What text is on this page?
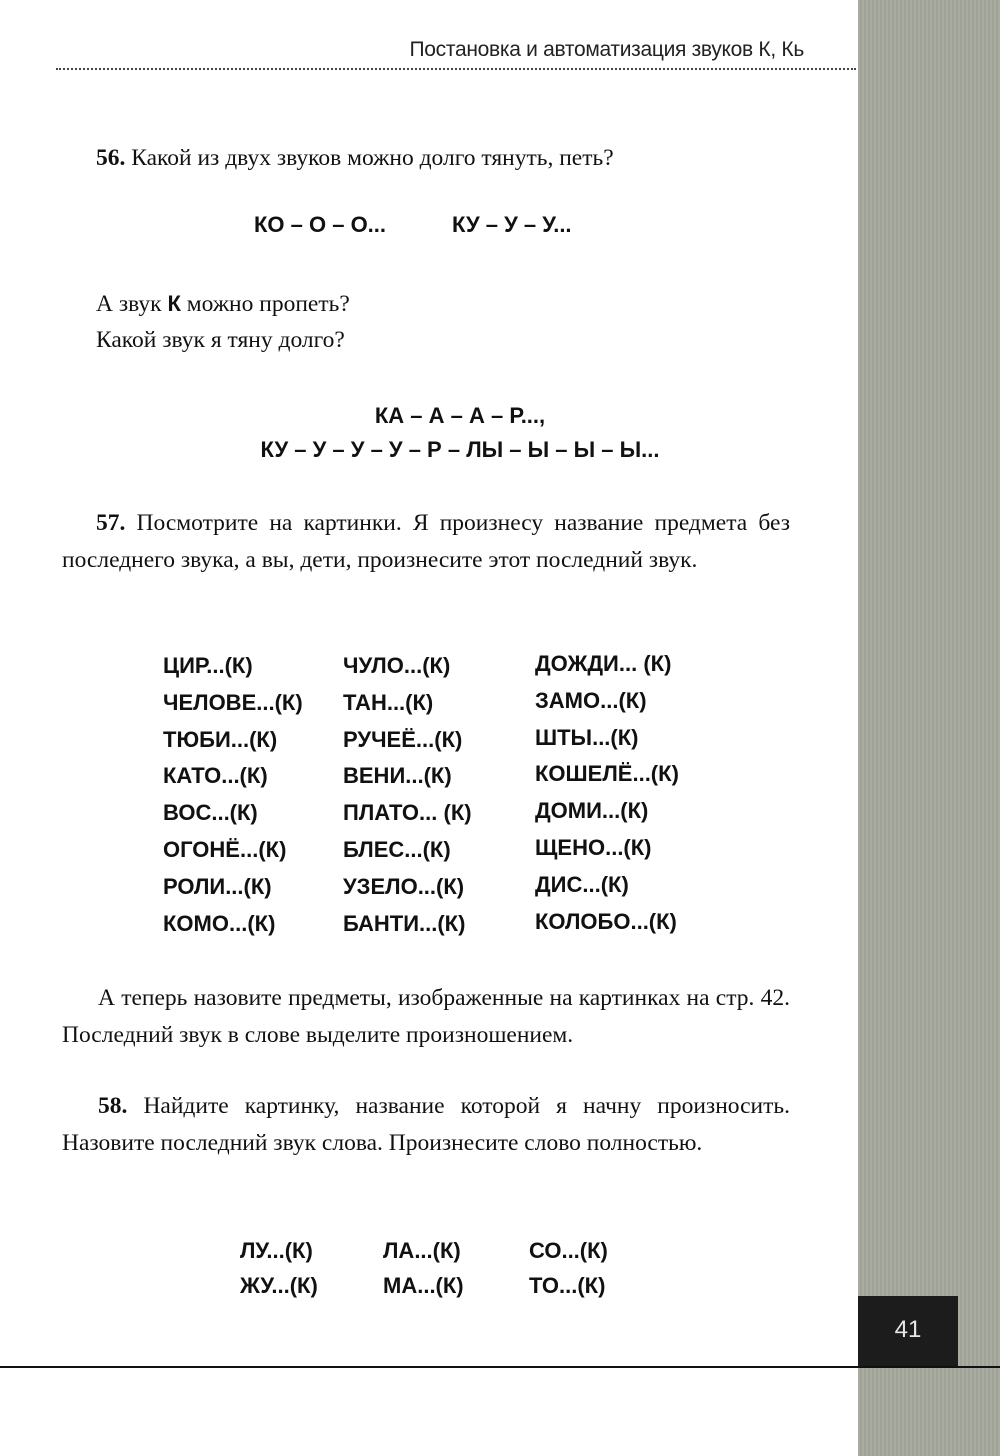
41
Постановка и автоматизация звуков К, Кь

56. Какой из двух звуков можно долго тянуть, петь?

КО – О – О...	КУ – У – У...

А звук К можно пропеть?

Какой звук я тяну долго?

КА – А – А – Р...,
КУ – У – У – У – Р – ЛЫ – Ы – Ы – Ы...

57. Посмотрите на картинки. Я произнесу название предмета без последнего звука, а вы, дети, произнесите этот последний звук.

ЦИР...(К)
ЧЕЛОВЕ...(К)
ТЮБИ...(К)
КАТО...(К)
ВОС...(К)
ОГОНЁ...(К)
РОЛИ...(К)
КОМО...(К)
ЧУЛО...(К)
ТАН...(К)
РУЧЕЁ...(К)
ВЕНИ...(К)
ПЛАТО... (К)
БЛЕС...(К)
УЗЕЛО...(К)
БАНТИ...(К)
ДОЖДИ... (К)
ЗАМО...(К)
ШТЫ...(К)
КОШЕЛЁ...(К)
ДОМИ...(К)
ЩЕНО...(К)
ДИС...(К)
КОЛОБО...(К)

А теперь назовите предметы, изображенные на картинках на стр. 42. Последний звук в слове выделите произношением.

58. Найдите картинку, название которой я начну произносить. Назовите последний звук слова. Произнесите слово полностью.

ЛУ...(К)
ЖУ...(К)
ЛА...(К)
МА...(К)
СО...(К)
ТО...(К)
